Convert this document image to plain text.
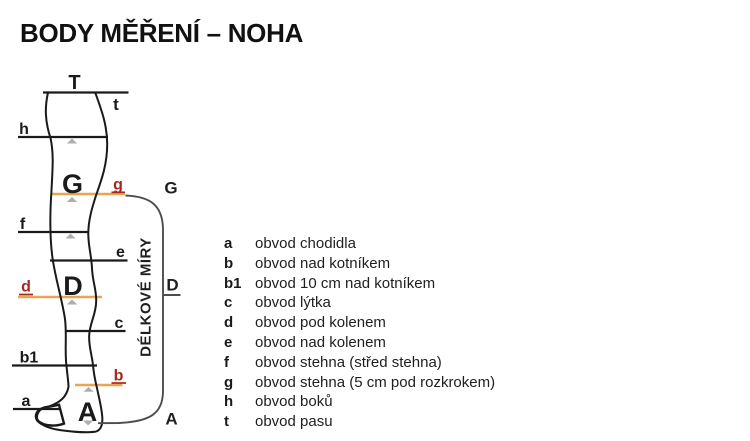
BODY MĚŘENÍ – NOHA
T
t
h
G g
f
e
D
d
c
b1
b
a A
G
D
A
DÉLKOVÉ MÍRY	a	obvod chodidla
b	obvod nad kotníkem
b1 obvod 10 cm nad kotníkem
c	obvod lýtka
d	obvod pod kolenem
e	obvod nad kolenem
f	obvod stehna (střed stehna)
g	obvod stehna (5 cm pod rozkrokem)
h	obvod boků
t	obvod pasu
